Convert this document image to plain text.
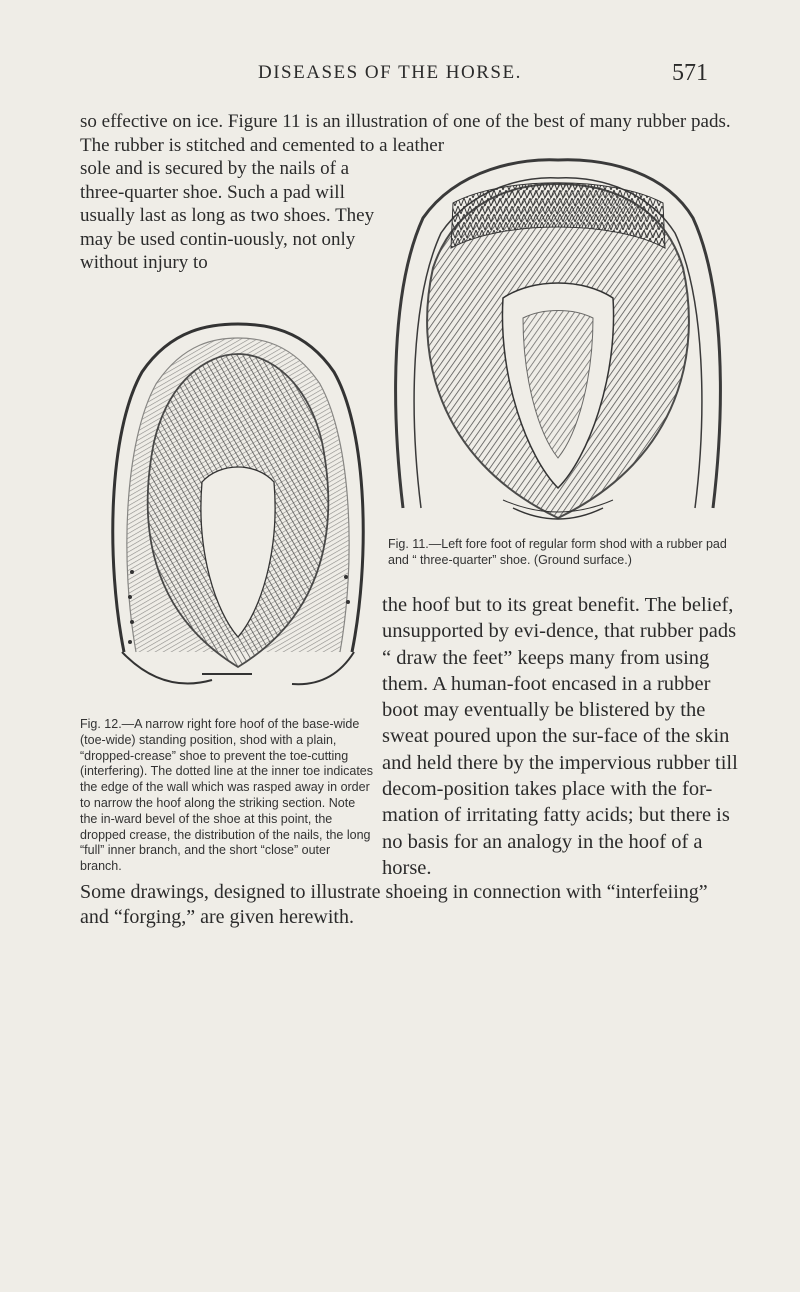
DISEASES OF THE HORSE.	571

so effective on ice. Figure 11 is an illustration of one of the best of many rubber pads. The rubber is stitched and cemented to a leather

sole and is secured by the nails of a three-quarter shoe. Such a pad will usually last as long as two shoes. They may be used contin-uously, not only without injury to

Fig. 11.—Left fore foot of regular form shod with a rubber pad and “ three-quarter” shoe. (Ground surface.)

Fig. 12.—A narrow right fore hoof of the base-wide (toe-wide) standing position, shod with a plain, “dropped-crease” shoe to prevent the toe-cutting (interfering). The dotted line at the inner toe indicates the edge of the wall which was rasped away in order to narrow the hoof along the striking section. Note the in-ward bevel of the shoe at this point, the dropped crease, the distribution of the nails, the long “full” inner branch, and the short “close” outer branch.

the hoof but to its great benefit. The belief, unsupported by evi-dence, that rubber pads “ draw the feet” keeps many from using them. A human-foot encased in a rubber boot may eventually be blistered by the sweat poured upon the sur-face of the skin and held there by the impervious rubber till decom-position takes place with the for-mation of irritating fatty acids; but there is no basis for an analogy in the hoof of a horse.

Some drawings, designed to illustrate shoeing in connection with “interfeiing” and “forging,” are given herewith.
